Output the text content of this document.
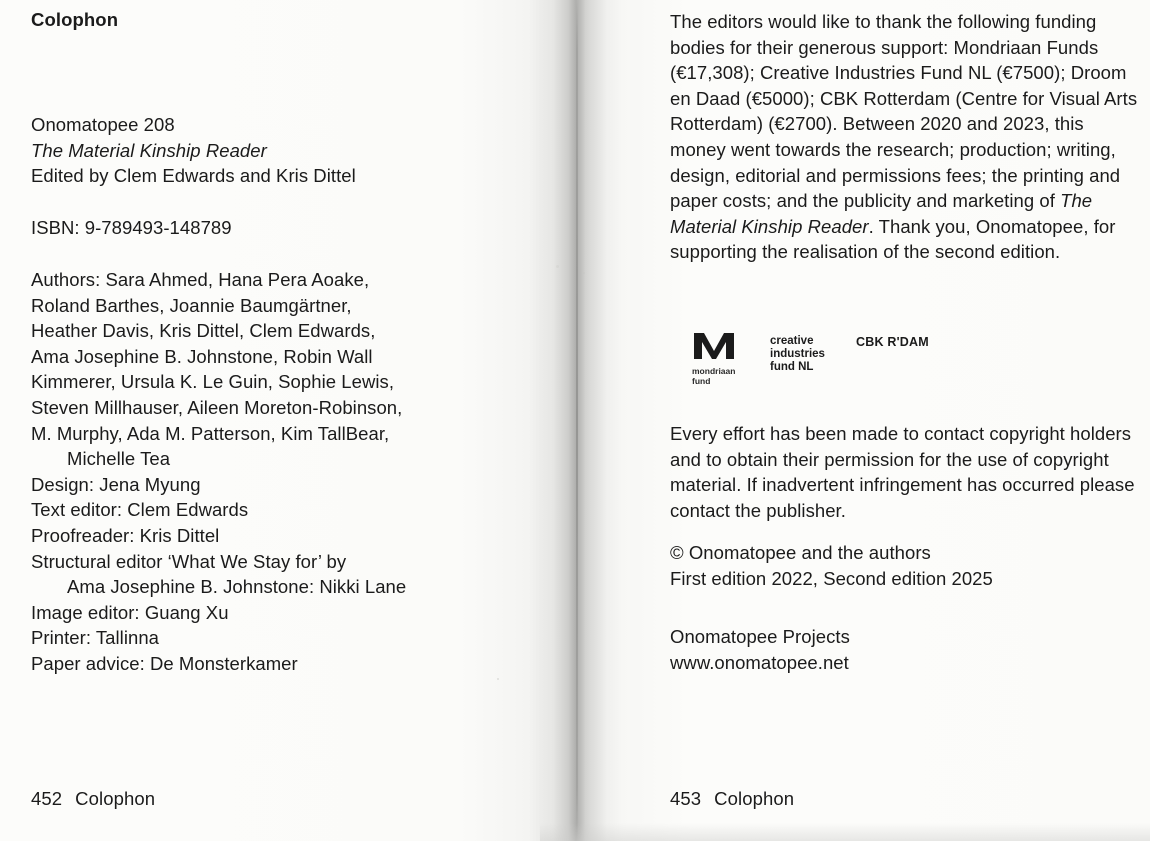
Colophon
Onomatopee 208
The Material Kinship Reader
Edited by Clem Edwards and Kris Dittel
ISBN: 9-789493-148789
Authors: Sara Ahmed, Hana Pera Aoake,
Roland Barthes, Joannie Baumgärtner,
Heather Davis, Kris Dittel, Clem Edwards,
Ama Josephine B. Johnstone, Robin Wall
Kimmerer, Ursula K. Le Guin, Sophie Lewis,
Steven Millhauser, Aileen Moreton-Robinson,
M. Murphy, Ada M. Patterson, Kim TallBear,
Michelle Tea
Design: Jena Myung
Text editor: Clem Edwards
Proofreader: Kris Dittel
Structural editor ‘What We Stay for’ by
Ama Josephine B. Johnstone: Nikki Lane
Image editor: Guang Xu
Printer: Tallinna
Paper advice: De Monsterkamer
452 Colophon
The editors would like to thank the following funding bodies for their generous support: Mondriaan Funds (€17,308); Creative Industries Fund NL (€7500); Droom en Daad (€5000); CBK Rotterdam (Centre for Visual Arts Rotterdam) (€2700). Between 2020 and 2023, this money went towards the research; production; writing, design, editorial and permissions fees; the printing and paper costs; and the publicity and marketing of The Material Kinship Reader. Thank you, Onomatopee, for supporting the realisation of the second edition.
mondriaan fund
creative
industries
fund NL
CBK R'DAM
Every effort has been made to contact copyright holders and to obtain their permission for the use of copyright material. If inadvertent infringement has occurred please contact the publisher.
© Onomatopee and the authors
First edition 2022, Second edition 2025
Onomatopee Projects
www.onomatopee.net
453 Colophon
